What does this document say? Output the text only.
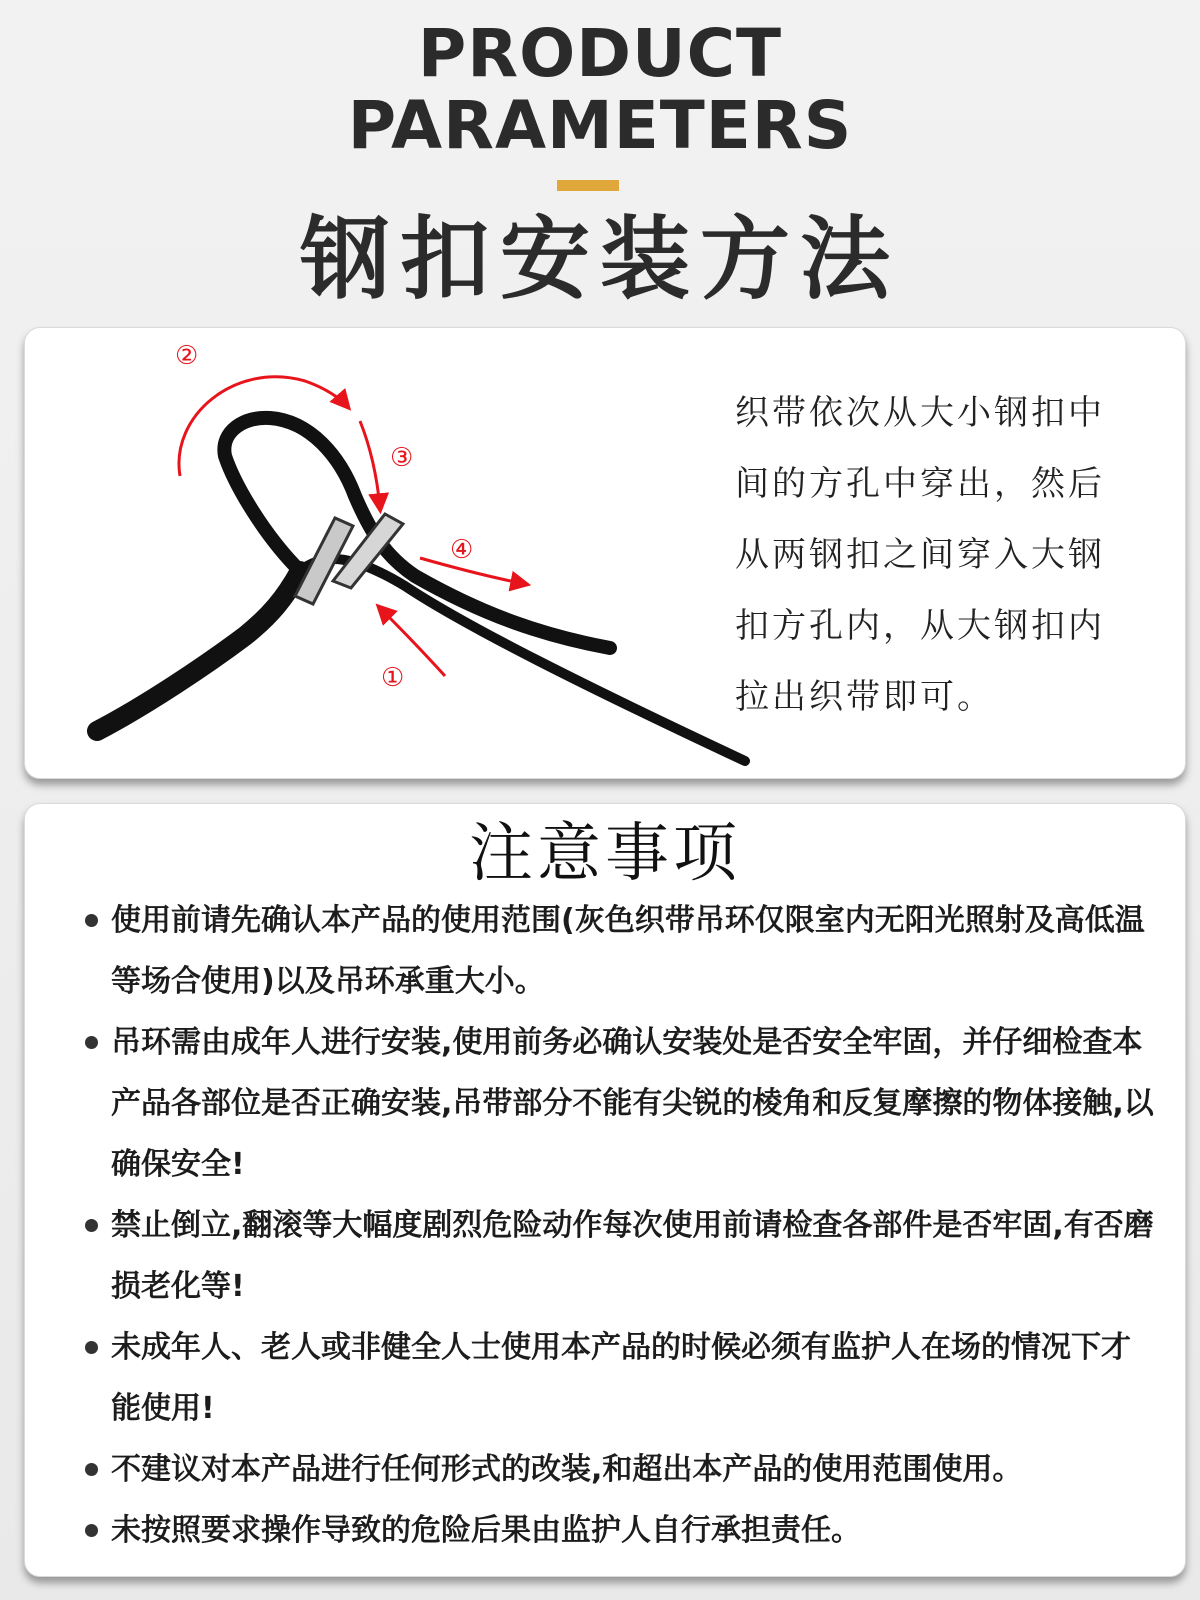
PRODUCT
PARAMETERS
钢扣安装方法
②
③
④
①
织带依次从大小钢扣中
间的方孔中穿出，然后
从两钢扣之间穿入大钢
扣方孔内，从大钢扣内
拉出织带即可。
注意事项
使用前请先确认本产品的使用范围(灰色织带吊环仅限室内无阳光照射及高低温等场合使用)以及吊环承重大小。
吊环需由成年人进行安装,使用前务必确认安装处是否安全牢固，并仔细检查本产品各部位是否正确安装,吊带部分不能有尖锐的棱角和反复摩擦的物体接触,以确保安全!
禁止倒立,翻滚等大幅度剧烈危险动作每次使用前请检查各部件是否牢固,有否磨损老化等!
未成年人、老人或非健全人士使用本产品的时候必须有监护人在场的情况下才能使用!
不建议对本产品进行任何形式的改装,和超出本产品的使用范围使用。
未按照要求操作导致的危险后果由监护人自行承担责任。
